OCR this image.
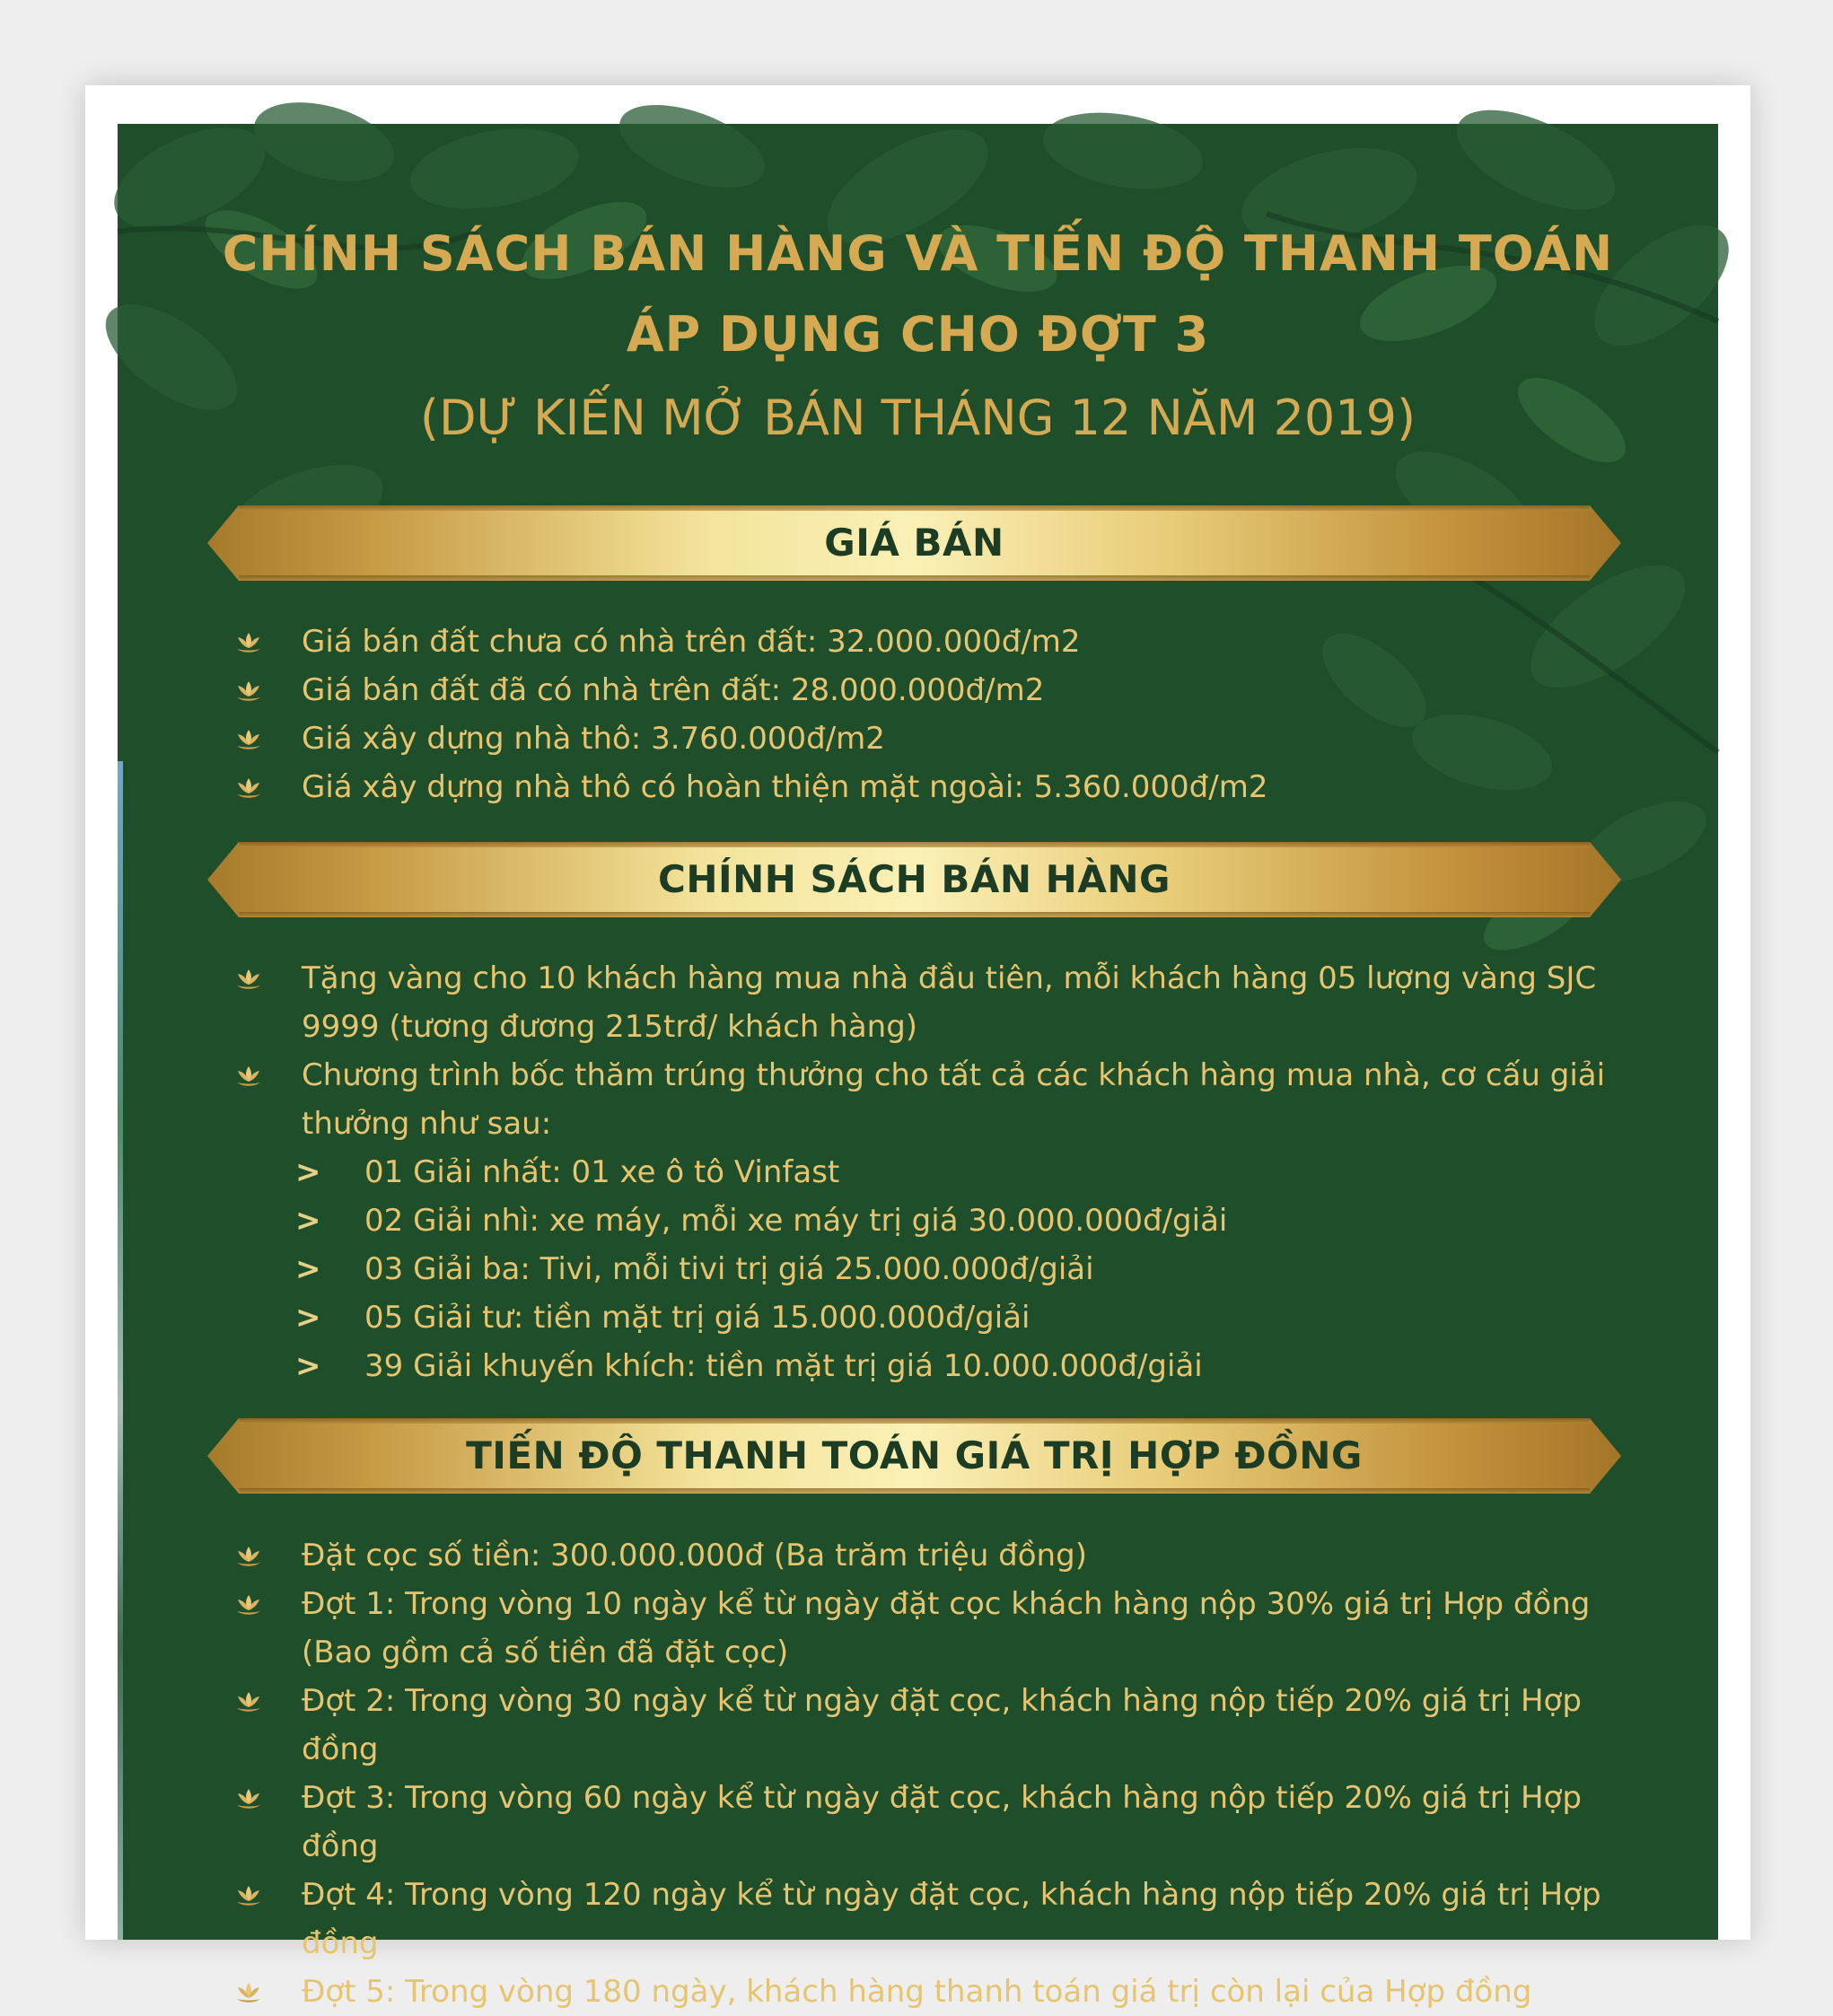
CHÍNH SÁCH BÁN HÀNG VÀ TIẾN ĐỘ THANH TOÁN
ÁP DỤNG CHO ĐỢT 3
(DỰ KIẾN MỞ BÁN THÁNG 12 NĂM 2019)
GIÁ BÁN
Giá bán đất chưa có nhà trên đất: 32.000.000đ/m2
Giá bán đất đã có nhà trên đất: 28.000.000đ/m2
Giá xây dựng nhà thô: 3.760.000đ/m2
Giá xây dựng nhà thô có hoàn thiện mặt ngoài: 5.360.000đ/m2
CHÍNH SÁCH BÁN HÀNG
Tặng vàng cho 10 khách hàng mua nhà đầu tiên, mỗi khách hàng 05 lượng vàng SJC 9999 (tương đương 215trđ/ khách hàng)
Chương trình bốc thăm trúng thưởng cho tất cả các khách hàng mua nhà, cơ cấu giải thưởng như sau:
> 01 Giải nhất: 01 xe ô tô Vinfast
> 02 Giải nhì: xe máy, mỗi xe máy trị giá 30.000.000đ/giải
> 03 Giải ba: Tivi, mỗi tivi trị giá 25.000.000đ/giải
> 05 Giải tư: tiền mặt trị giá 15.000.000đ/giải
> 39 Giải khuyến khích: tiền mặt trị giá 10.000.000đ/giải
TIẾN ĐỘ THANH TOÁN GIÁ TRỊ HỢP ĐỒNG
Đặt cọc số tiền: 300.000.000đ (Ba trăm triệu đồng)
Đợt 1: Trong vòng 10 ngày kể từ ngày đặt cọc khách hàng nộp 30% giá trị Hợp đồng (Bao gồm cả số tiền đã đặt cọc)
Đợt 2: Trong vòng 30 ngày kể từ ngày đặt cọc, khách hàng nộp tiếp 20% giá trị Hợp đồng
Đợt 3: Trong vòng 60 ngày kể từ ngày đặt cọc, khách hàng nộp tiếp 20% giá trị Hợp đồng
Đợt 4: Trong vòng 120 ngày kể từ ngày đặt cọc, khách hàng nộp tiếp 20% giá trị Hợp đồng
Đợt 5: Trong vòng 180 ngày, khách hàng thanh toán giá trị còn lại của Hợp đồng
